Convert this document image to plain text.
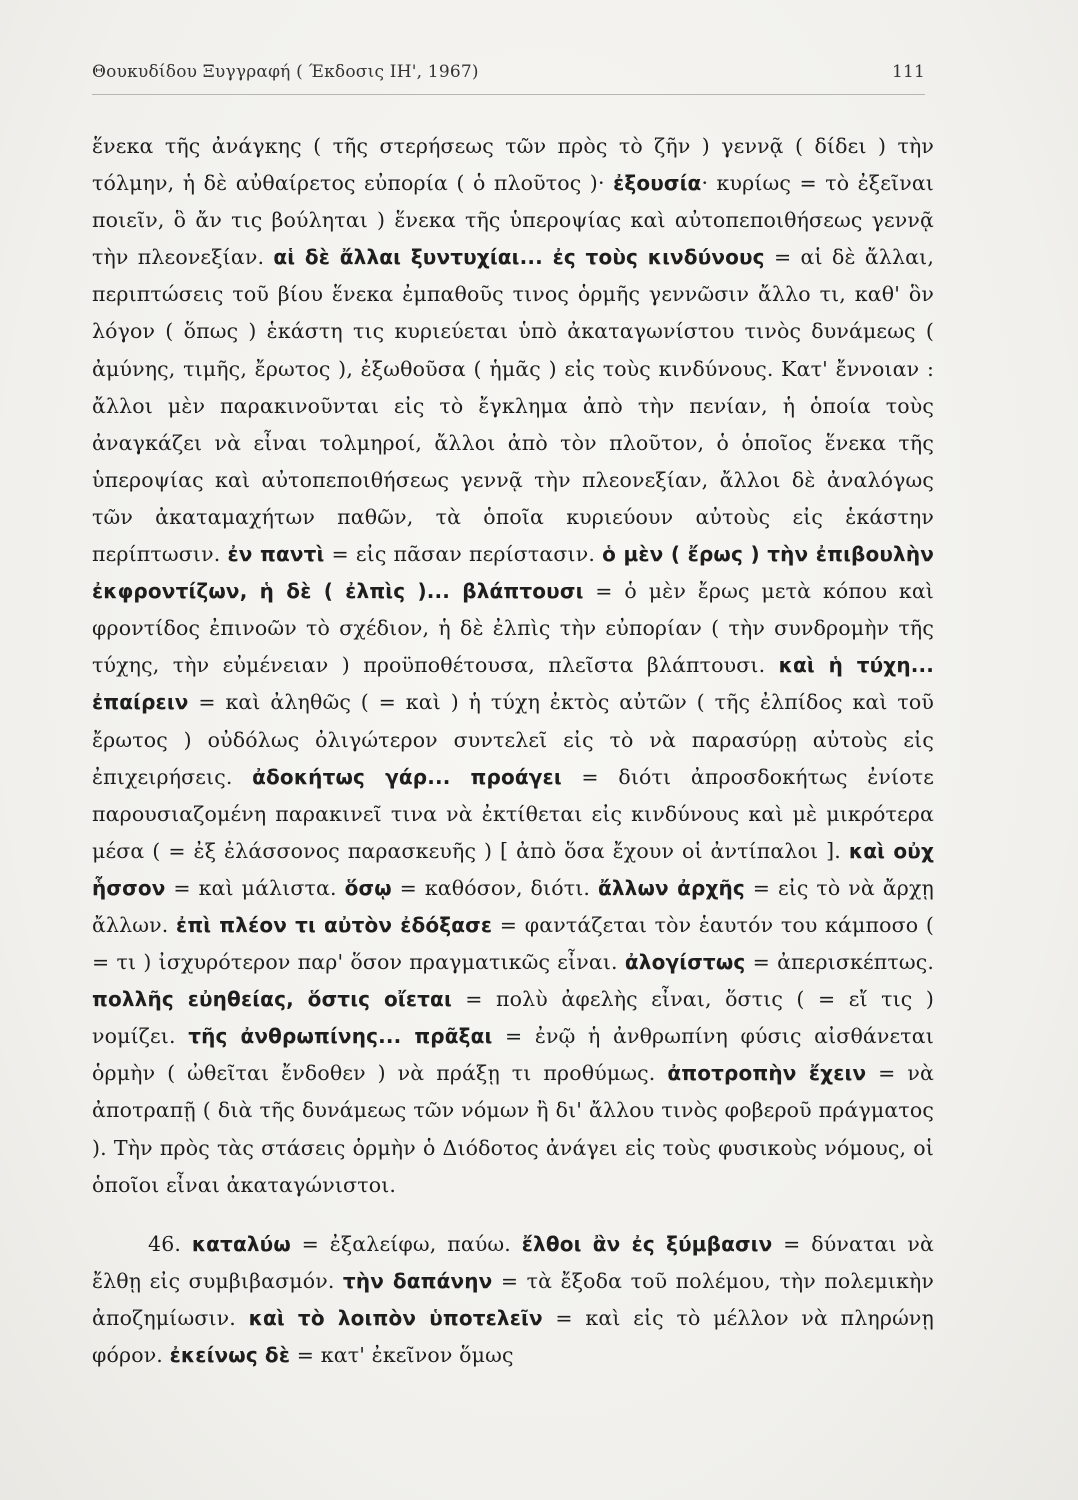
Θουκυδίδου Ξυγγραφή ( Έκδοσις ΙΗ', 1967)	111

ἕνεκα τῆς ἀνάγκης ( τῆς στερήσεως τῶν πρὸς τὸ ζῆν ) γεννᾷ ( δίδει ) τὴν τόλμην, ἡ δὲ αὐθαίρετος εὐπορία ( ὁ πλοῦτος )· ἐξουσία· κυρίως = τὸ ἐξεῖναι ποιεῖν, ὃ ἄν τις βούληται ) ἕνεκα τῆς ὑπεροψίας καὶ αὐτοπεποιθήσεως γεννᾷ τὴν πλεονεξίαν. αἱ δὲ ἄλλαι ξυντυχίαι... ἐς τοὺς κινδύνους = αἱ δὲ ἄλλαι, περιπτώσεις τοῦ βίου ἕνεκα ἐμπαθοῦς τινος ὁρμῆς γεννῶσιν ἄλλο τι, καθ' ὃν λόγον ( ὅπως ) ἑκάστη τις κυριεύεται ὑπὸ ἀκαταγωνίστου τινὸς δυνάμεως ( ἀμύνης, τιμῆς, ἔρωτος ), ἐξωθοῦσα ( ἡμᾶς ) εἰς τοὺς κινδύνους. Κατ' ἔννοιαν : ἄλλοι μὲν παρακινοῦνται εἰς τὸ ἔγκλημα ἀπὸ τὴν πενίαν, ἡ ὁποία τοὺς ἀναγκάζει νὰ εἶναι τολμηροί, ἄλλοι ἀπὸ τὸν πλοῦτον, ὁ ὁποῖος ἕνεκα τῆς ὑπεροψίας καὶ αὐτοπεποιθήσεως γεννᾷ τὴν πλεονεξίαν, ἄλλοι δὲ ἀναλόγως τῶν ἀκαταμαχήτων παθῶν, τὰ ὁποῖα κυριεύουν αὐτοὺς εἰς ἑκάστην περίπτωσιν. ἐν παντὶ = εἰς πᾶσαν περίστασιν. ὁ μὲν ( ἔρως ) τὴν ἐπιβουλὴν ἐκφροντίζων, ἡ δὲ ( ἐλπὶς )... βλάπτουσι = ὁ μὲν ἔρως μετὰ κόπου καὶ φροντίδος ἐπινοῶν τὸ σχέδιον, ἡ δὲ ἐλπὶς τὴν εὐπορίαν ( τὴν συνδρομὴν τῆς τύχης, τὴν εὐμένειαν ) προϋποθέτουσα, πλεῖστα βλάπτουσι. καὶ ἡ τύχη... ἐπαίρειν = καὶ ἀληθῶς ( = καὶ ) ἡ τύχη ἐκτὸς αὐτῶν ( τῆς ἐλπίδος καὶ τοῦ ἔρωτος ) οὐδόλως ὀλιγώτερον συντελεῖ εἰς τὸ νὰ παρασύρῃ αὐτοὺς εἰς ἐπιχειρήσεις. ἀδοκήτως γάρ... προάγει = διότι ἀπροσδοκήτως ἐνίοτε παρουσιαζομένη παρακινεῖ τινα νὰ ἐκτίθεται εἰς κινδύνους καὶ μὲ μικρότερα μέσα ( = ἐξ ἐλάσσονος παρασκευῆς ) [ ἀπὸ ὅσα ἔχουν οἱ ἀντίπαλοι ]. καὶ οὐχ ἧσσον = καὶ μάλιστα. ὅσῳ = καθόσον, διότι. ἄλλων ἀρχῆς = εἰς τὸ νὰ ἄρχῃ ἄλλων. ἐπὶ πλέον τι αὐτὸν ἐδόξασε = φαντάζεται τὸν ἑαυτόν του κάμποσο ( = τι ) ἰσχυρότερον παρ' ὅσον πραγματικῶς εἶναι. ἀλογίστως = ἀπερισκέπτως. πολλῆς εὐηθείας, ὅστις οἴεται = πολὺ ἀφελὴς εἶναι, ὅστις ( = εἴ τις ) νομίζει. τῆς ἀνθρωπίνης... πρᾶξαι = ἐνῷ ἡ ἀνθρωπίνη φύσις αἰσθάνεται ὁρμὴν ( ὠθεῖται ἔνδοθεν ) νὰ πράξῃ τι προθύμως. ἀποτροπὴν ἔχειν = νὰ ἀποτραπῇ ( διὰ τῆς δυνάμεως τῶν νόμων ἢ δι' ἄλλου τινὸς φοβεροῦ πράγματος ). Τὴν πρὸς τὰς στάσεις ὁρμὴν ὁ Διόδοτος ἀνάγει εἰς τοὺς φυσικοὺς νόμους, οἱ ὁποῖοι εἶναι ἀκαταγώνιστοι.

46. καταλύω = ἐξαλείφω, παύω. ἔλθοι ἂν ἐς ξύμβασιν = δύναται νὰ ἔλθῃ εἰς συμβιβασμόν. τὴν δαπάνην = τὰ ἔξοδα τοῦ πολέμου, τὴν πολεμικὴν ἀποζημίωσιν. καὶ τὸ λοιπὸν ὑποτελεῖν = καὶ εἰς τὸ μέλλον νὰ πληρώνῃ φόρον. ἐκείνως δὲ = κατ' ἐκεῖνον ὅμως
